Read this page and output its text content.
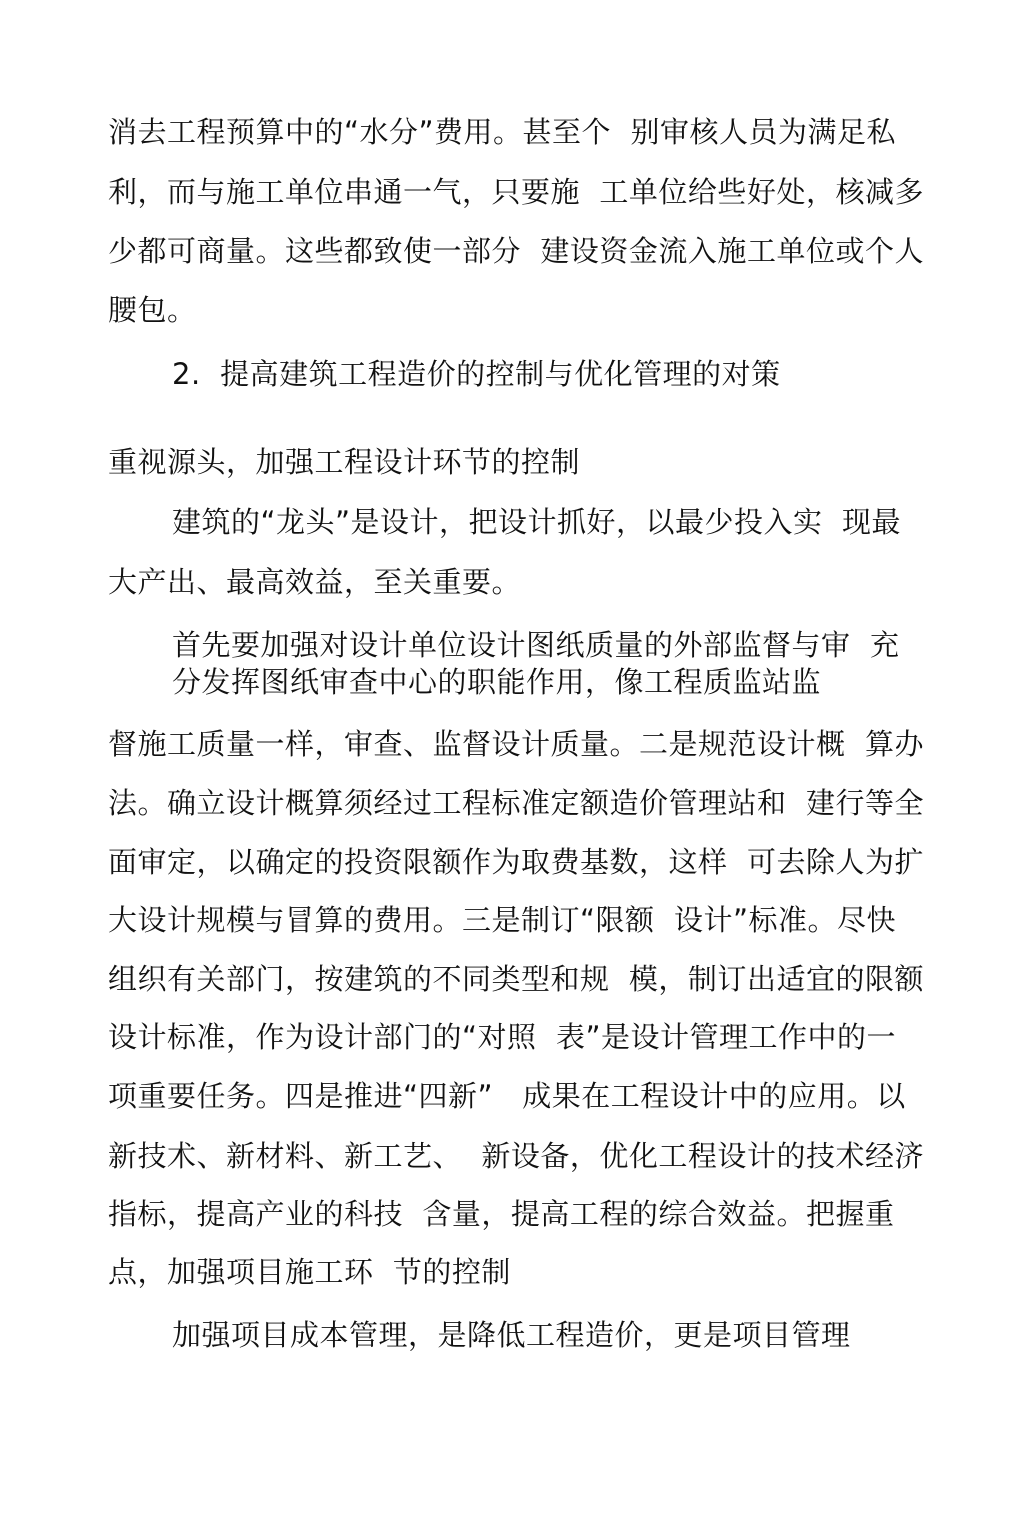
消去工程预算中的“水分”费用。甚至个  别审核人员为满足私
利，而与施工单位串通一气，只要施  工单位给些好处，核减多
少都可商量。这些都致使一部分  建设资金流入施工单位或个人
腰包。
2.  提高建筑工程造价的控制与优化管理的对策
重视源头，加强工程设计环节的控制
建筑的“龙头”是设计，把设计抓好，以最少投入实  现最
大产出、最高效益，至关重要。
首先要加强对设计单位设计图纸质量的外部监督与审  充
分发挥图纸审查中心的职能作用，像工程质监站监
督施工质量一样，审查、监督设计质量。二是规范设计概  算办
法。确立设计概算须经过工程标准定额造价管理站和  建行等全
面审定，以确定的投资限额作为取费基数，这样  可去除人为扩
大设计规模与冒算的费用。三是制订“限额  设计”标准。尽快
组织有关部门，按建筑的不同类型和规  模，制订出适宜的限额
设计标准，作为设计部门的“对照  表”是设计管理工作中的一
项重要任务。四是推进“四新”   成果在工程设计中的应用。以
新技术、新材料、新工艺、  新设备，优化工程设计的技术经济
指标，提高产业的科技  含量，提高工程的综合效益。把握重
点，加强项目施工环  节的控制
加强项目成本管理，是降低工程造价，更是项目管理
